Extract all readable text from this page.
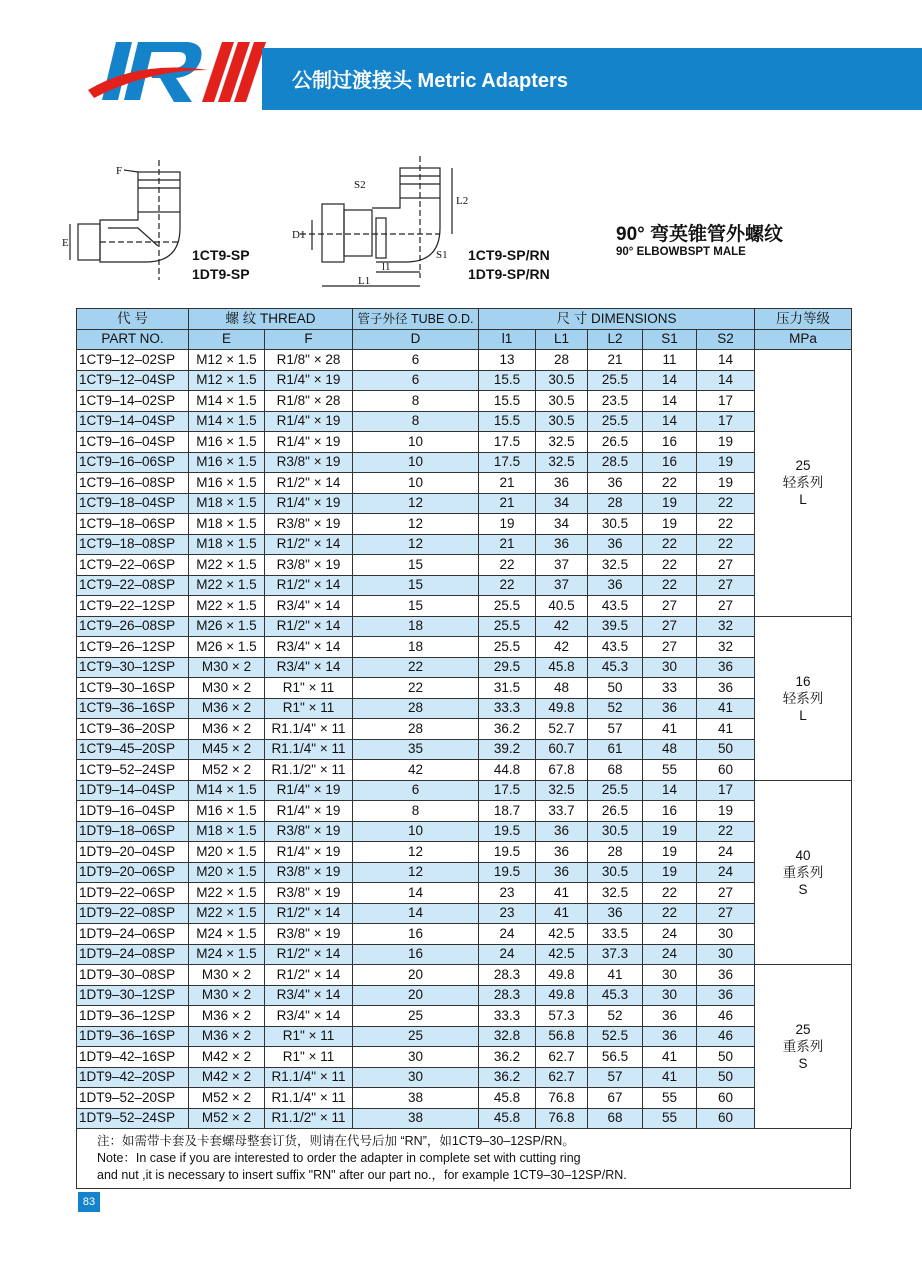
公制过渡接头 Metric Adapters
F
E
S2
L2
D1
S1
l1
L1
1CT9-SP
1DT9-SP
1CT9-SP/RN
1DT9-SP/RN
90° 弯英锥管外螺纹
90° ELBOWBSPT MALE
代 号	螺 纹 THREAD		管子外径 TUBE O.D.	尺 寸 DIMENSIONS					压力等级
PART NO.	E	F	D	l1	L1	L2	S1	S2	MPa
1CT9–12–02SP	M12 × 1.5	R1/8" × 28	6	13	28	21	11	14	25
轻系列
L

1CT9–12–04SP	M12 × 1.5	R1/4" × 19	6	15.5	30.5	25.5	14	14	
1CT9–14–02SP	M14 × 1.5	R1/8" × 28	8	15.5	30.5	23.5	14	17	
1CT9–14–04SP	M14 × 1.5	R1/4" × 19	8	15.5	30.5	25.5	14	17	
1CT9–16–04SP	M16 × 1.5	R1/4" × 19	10	17.5	32.5	26.5	16	19	
1CT9–16–06SP	M16 × 1.5	R3/8" × 19	10	17.5	32.5	28.5	16	19	
1CT9–16–08SP	M16 × 1.5	R1/2" × 14	10	21	36	36	22	19	
1CT9–18–04SP	M18 × 1.5	R1/4" × 19	12	21	34	28	19	22	
1CT9–18–06SP	M18 × 1.5	R3/8" × 19	12	19	34	30.5	19	22	
1CT9–18–08SP	M18 × 1.5	R1/2" × 14	12	21	36	36	22	22	
1CT9–22–06SP	M22 × 1.5	R3/8" × 19	15	22	37	32.5	22	27	
1CT9–22–08SP	M22 × 1.5	R1/2" × 14	15	22	37	36	22	27	
1CT9–22–12SP	M22 × 1.5	R3/4" × 14	15	25.5	40.5	43.5	27	27	
1CT9–26–08SP	M26 × 1.5	R1/2" × 14	18	25.5	42	39.5	27	32	16
轻系列
L

1CT9–26–12SP	M26 × 1.5	R3/4" × 14	18	25.5	42	43.5	27	32	
1CT9–30–12SP	M30 × 2	R3/4" × 14	22	29.5	45.8	45.3	30	36	
1CT9–30–16SP	M30 × 2	R1" × 11	22	31.5	48	50	33	36	
1CT9–36–16SP	M36 × 2	R1" × 11	28	33.3	49.8	52	36	41	
1CT9–36–20SP	M36 × 2	R1.1/4" × 11	28	36.2	52.7	57	41	41	
1CT9–45–20SP	M45 × 2	R1.1/4" × 11	35	39.2	60.7	61	48	50	
1CT9–52–24SP	M52 × 2	R1.1/2" × 11	42	44.8	67.8	68	55	60	
1DT9–14–04SP	M14 × 1.5	R1/4" × 19	6	17.5	32.5	25.5	14	17	40
重系列
S

1DT9–16–04SP	M16 × 1.5	R1/4" × 19	8	18.7	33.7	26.5	16	19	
1DT9–18–06SP	M18 × 1.5	R3/8" × 19	10	19.5	36	30.5	19	22	
1DT9–20–04SP	M20 × 1.5	R1/4" × 19	12	19.5	36	28	19	24	
1DT9–20–06SP	M20 × 1.5	R3/8" × 19	12	19.5	36	30.5	19	24	
1DT9–22–06SP	M22 × 1.5	R3/8" × 19	14	23	41	32.5	22	27	
1DT9–22–08SP	M22 × 1.5	R1/2" × 14	14	23	41	36	22	27	
1DT9–24–06SP	M24 × 1.5	R3/8" × 19	16	24	42.5	33.5	24	30	
1DT9–24–08SP	M24 × 1.5	R1/2" × 14	16	24	42.5	37.3	24	30	
1DT9–30–08SP	M30 × 2	R1/2" × 14	20	28.3	49.8	41	30	36	25
重系列
S

1DT9–30–12SP	M30 × 2	R3/4" × 14	20	28.3	49.8	45.3	30	36	
1DT9–36–12SP	M36 × 2	R3/4" × 14	25	33.3	57.3	52	36	46	
1DT9–36–16SP	M36 × 2	R1" × 11	25	32.8	56.8	52.5	36	46	
1DT9–42–16SP	M42 × 2	R1" × 11	30	36.2	62.7	56.5	41	50	
1DT9–42–20SP	M42 × 2	R1.1/4" × 11	30	36.2	62.7	57	41	50	
1DT9–52–20SP	M52 × 2	R1.1/4" × 11	38	45.8	76.8	67	55	60	
1DT9–52–24SP	M52 × 2	R1.1/2" × 11	38	45.8	76.8	68	55	60	
注：如需带卡套及卡套螺母整套订货，则请在代号后加 “RN”，如1CT9–30–12SP/RN。
Note：In case if you are interested to order the adapter in complete set with cutting ring
and nut ,it is necessary to insert suffix "RN" after our part no.，for example 1CT9–30–12SP/RN.
83
